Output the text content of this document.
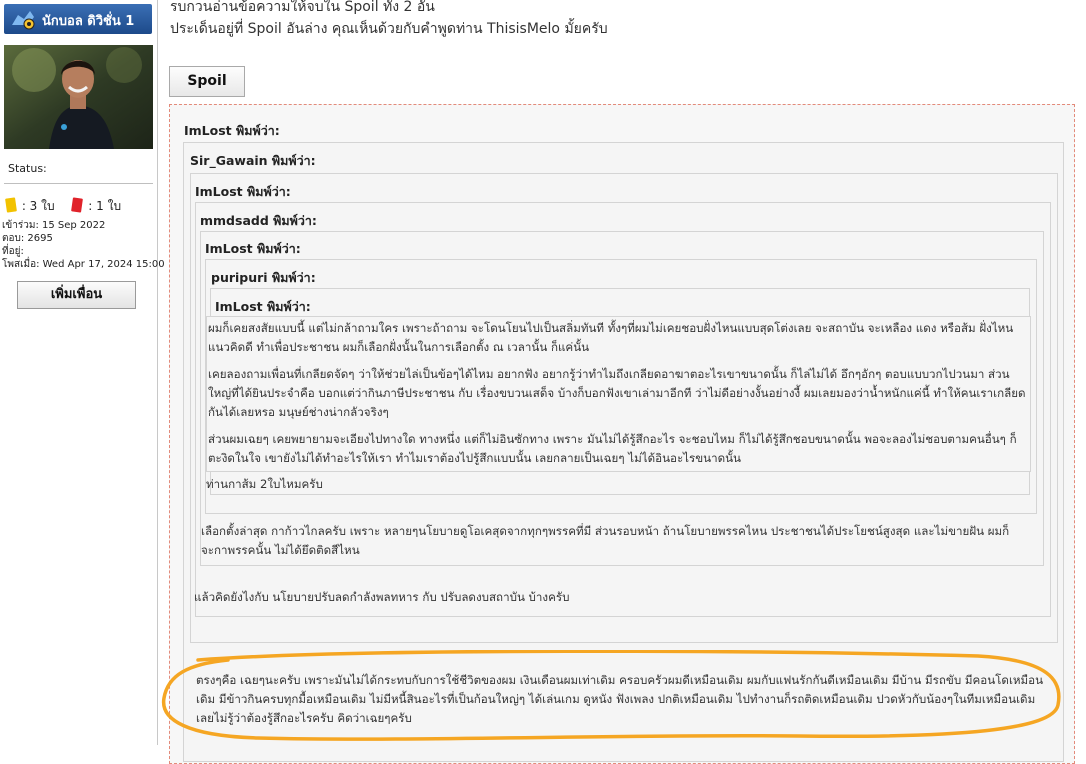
นักบอล ดิวิชั่น 1
Status:
: 3 ใบ	: 1 ใบ
เข้าร่วม: 15 Sep 2022
ตอบ: 2695
ที่อยู่:
โพสเมื่อ: Wed Apr 17, 2024 15:00
เพิ่มเพื่อน
รบกวนอ่านข้อความให้จบใน Spoil ทั้ง 2 อัน
ประเด็นอยู่ที่ Spoil อันล่าง คุณเห็นด้วยกับคำพูดท่าน ThisisMelo มั้ยครับ
Spoil
ImLost พิมพ์ว่า:
Sir_Gawain พิมพ์ว่า:
ImLost พิมพ์ว่า:
mmdsadd พิมพ์ว่า:
ImLost พิมพ์ว่า:
puripuri พิมพ์ว่า:
ImLost พิมพ์ว่า:
ผมก็เคยสงสัยแบบนี้ แต่ไม่กล้าถามใคร เพราะถ้าถาม จะโดนโยนไปเป็นสลิ่มทันที ทั้งๆที่ผมไม่เคยชอบฝั่งไหนแบบสุดโต่งเลย จะสถาบัน จะเหลือง แดง หรือส้ม ฝั่งไหนแนวคิดดี ทำเพื่อประชาชน ผมก็เลือกฝั่งนั้นในการเลือกตั้ง ณ เวลานั้น ก็แค่นั้น
เคยลองถามเพื่อนที่เกลียดจัดๆ ว่าให้ช่วยไล่เป็นข้อๆได้ไหม อยากฟัง อยากรู้ว่าทำไมถึงเกลียดอาฆาตอะไรเขาขนาดนั้น ก็ไล่ไม่ได้ อึกๆอักๆ ตอบแบบวกไปวนมา ส่วนใหญ่ที่ได้ยินประจำคือ บอกแต่ว่ากินภาษีประชาชน กับ เรื่องขบวนเสด็จ บ้างก็บอกฟังเขาเล่ามาอีกที ว่าไม่ดีอย่างงั้นอย่างงี้ ผมเลยมองว่าน้ำหนักแค่นี้ ทำให้คนเราเกลียดกันได้เลยหรอ มนุษย์ช่างน่ากลัวจริงๆ
ส่วนผมเฉยๆ เคยพยายามจะเอียงไปทางใด ทางหนึ่ง แต่ก็ไม่อินซักทาง เพราะ มันไม่ได้รู้สึกอะไร จะชอบไหม ก็ไม่ได้รู้สึกชอบขนาดนั้น พอจะลองไม่ชอบตามคนอื่นๆ ก็ตะงิดในใจ เขายังไม่ได้ทำอะไรให้เรา ทำไมเราต้องไปรู้สึกแบบนั้น เลยกลายเป็นเฉยๆ ไม่ได้อินอะไรขนาดนั้น
ท่านกาส้ม 2ใบไหมครับ
เลือกตั้งล่าสุด กาก้าวไกลครับ เพราะ หลายๆนโยบายดูโอเคสุดจากทุกๆพรรคที่มี ส่วนรอบหน้า ถ้านโยบายพรรคไหน ประชาชนได้ประโยชน์สูงสุด และไม่ขายฝัน ผมก็จะกาพรรคนั้น ไม่ได้ยึดติดสีไหน
แล้วคิดยังไงกับ นโยบายปรับลดกำลังพลทหาร กับ ปรับลดงบสถาบัน บ้างครับ
ตรงๆคือ เฉยๆนะครับ เพราะมันไม่ได้กระทบกับการใช้ชีวิตของผม เงินเดือนผมเท่าเดิม ครอบครัวผมดีเหมือนเดิม ผมกับแฟนรักกันดีเหมือนเดิม มีบ้าน มีรถขับ มีคอนโดเหมือนเดิม มีข้าวกินครบทุกมื้อเหมือนเดิม ไม่มีหนี้สินอะไรที่เป็นก้อนใหญ่ๆ ได้เล่นเกม ดูหนัง ฟังเพลง ปกติเหมือนเดิม ไปทำงานก็รถติดเหมือนเดิม ปวดหัวกับน้องๆในทีมเหมือนเดิม เลยไม่รู้ว่าต้องรู้สึกอะไรครับ คิดว่าเฉยๆครับ
